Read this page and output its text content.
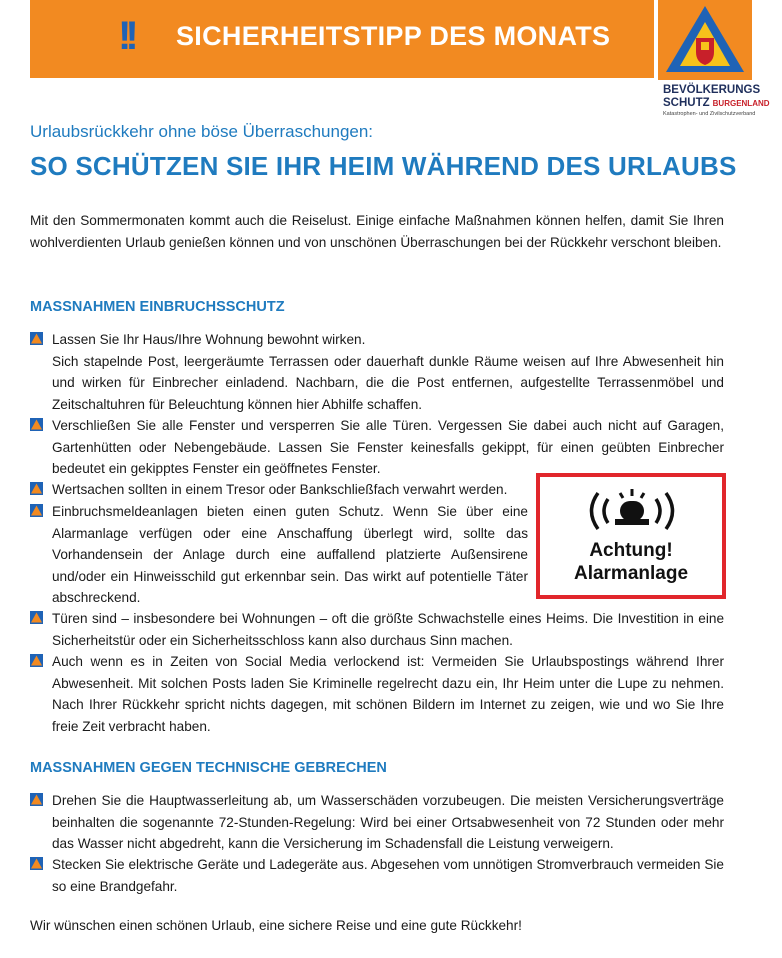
!! SICHERHEITSTIPP DES MONATS
BEVÖLKERUNGS
SCHUTZ BURGENLAND
Katastrophen- und Zivilschutzverband
Urlaubsrückkehr ohne böse Überraschungen:
SO SCHÜTZEN SIE IHR HEIM WÄHREND DES URLAUBS
Mit den Sommermonaten kommt auch die Reiselust. Einige einfache Maßnahmen können helfen, damit Sie Ihren wohlverdienten Urlaub genießen können und von unschönen Überraschungen bei der Rückkehr verschont bleiben.
MASSNAHMEN EINBRUCHSSCHUTZ
Lassen Sie Ihr Haus/Ihre Wohnung bewohnt wirken.
Sich stapelnde Post, leergeräumte Terrassen oder dauerhaft dunkle Räume weisen auf Ihre Abwesenheit hin und wirken für Einbrecher einladend. Nachbarn, die die Post entfernen, aufgestellte Terrassenmöbel und Zeitschaltuhren für Beleuchtung können hier Abhilfe schaffen.
Verschließen Sie alle Fenster und versperren Sie alle Türen. Vergessen Sie dabei auch nicht auf Garagen, Gartenhütten oder Nebengebäude. Lassen Sie Fenster keinesfalls gekippt, für einen geübten Einbrecher bedeutet ein gekipptes Fenster ein geöffnetes Fenster.
Wertsachen sollten in einem Tresor oder Bankschließfach verwahrt werden.
Einbruchsmeldeanlagen bieten einen guten Schutz. Wenn Sie über eine Alarmanlage verfügen oder eine Anschaffung überlegt wird, sollte das Vorhandensein der Anlage durch eine auffallend platzierte Außensirene und/oder ein Hinweisschild gut erkennbar sein. Das wirkt auf potentielle Täter abschreckend.
Achtung!
Alarmanlage
Türen sind – insbesondere bei Wohnungen – oft die größte Schwachstelle eines Heims. Die Investition in eine Sicherheitstür oder ein Sicherheitsschloss kann also durchaus Sinn machen.
Auch wenn es in Zeiten von Social Media verlockend ist: Vermeiden Sie Urlaubspostings während Ihrer Abwesenheit. Mit solchen Posts laden Sie Kriminelle regelrecht dazu ein, Ihr Heim unter die Lupe zu nehmen. Nach Ihrer Rückkehr spricht nichts dagegen, mit schönen Bildern im Internet zu zeigen, wie und wo Sie Ihre freie Zeit verbracht haben.
MASSNAHMEN GEGEN TECHNISCHE GEBRECHEN
Drehen Sie die Hauptwasserleitung ab, um Wasserschäden vorzubeugen. Die meisten Versicherungsverträge beinhalten die sogenannte 72-Stunden-Regelung: Wird bei einer Ortsabwesenheit von 72 Stunden oder mehr das Wasser nicht abgedreht, kann die Versicherung im Schadensfall die Leistung verweigern.
Stecken Sie elektrische Geräte und Ladegeräte aus. Abgesehen vom unnötigen Stromverbrauch vermeiden Sie so eine Brandgefahr.
Wir wünschen einen schönen Urlaub, eine sichere Reise und eine gute Rückkehr!
